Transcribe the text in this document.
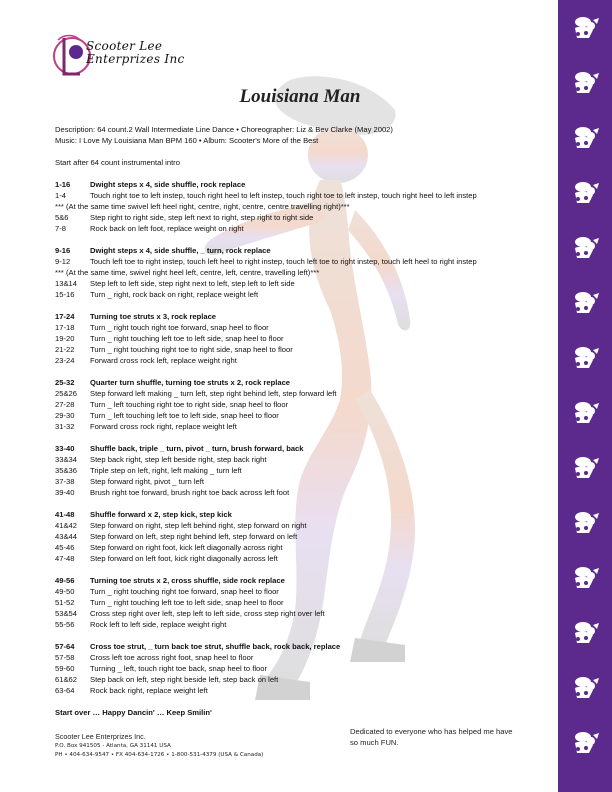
Scooter Lee
Enterprizes Inc
Louisiana Man
Description: 64 count.2 Wall Intermediate Line Dance • Choreographer: Liz & Bev Clarke (May 2002)
Music: I Love My Louisiana Man BPM 160 • Album: Scooter's More of the Best
Start after 64 count instrumental intro
1-16	Dwight steps x 4, side shuffle, rock replace
1-4	Touch right toe to left instep, touch right heel to left instep, touch right toe to left instep, touch right heel to left instep
*** (At the same time swivel left heel right, centre, right, centre, centre travelling right)***
5&6	Step right to right side, step left next to right, step right to right side
7-8	Rock back on left foot, replace weight on right
9-16	Dwight steps x 4, side shuffle, _ turn, rock replace
9-12	Touch left toe to right instep, touch left heel to right instep, touch left toe to right instep, touch left heel to right instep
*** (At the same time, swivel right heel left, centre, left, centre, travelling left)***
13&14	Step left to left side, step right next to left, step left to left side
15-16	Turn _ right, rock back on right, replace weight left
17-24	Turning toe struts x 3, rock replace
17-18	Turn _ right touch right toe forward, snap heel to floor
19-20	Turn _ right touching left toe to left side, snap heel to floor
21-22	Turn _ right touching right toe to right side, snap heel to floor
23-24	Forward cross rock left, replace weight right
25-32	Quarter turn shuffle, turning toe struts x 2, rock replace
25&26	Step forward left making _ turn left, step right behind left, step forward left
27-28	Turn _ left touching right toe to right side, snap heel to floor
29-30	Turn _ left touching left toe to left side, snap heel to floor
31-32	Forward cross rock right, replace weight left
33-40	Shuffle back, triple _ turn, pivot _ turn, brush forward, back
33&34	Step back right, step left beside right, step back right
35&36	Triple step on left, right, left making _ turn left
37-38	Step forward right, pivot _ turn left
39-40	Brush right toe forward, brush right toe back across left foot
41-48	Shuffle forward x 2, step kick, step kick
41&42	Step forward on right, step left behind right, step forward on right
43&44	Step forward on left, step right behind left, step forward on left
45-46	Step forward on right foot, kick left diagonally across right
47-48	Step forward on left foot, kick right diagonally across left
49-56	Turning toe struts x 2, cross shuffle, side rock replace
49-50	Turn _ right touching right toe forward, snap heel to floor
51-52	Turn _ right touching left toe to left side, snap heel to floor
53&54	Cross step right over left, step left to left side, cross step right over left
55-56	Rock left to left side, replace weight right
57-64	Cross toe strut, _ turn back toe strut, shuffle back, rock back, replace
57-58	Cross left toe across right foot, snap heel to floor
59-60	Turning _ left, touch right toe back, snap heel to floor
61&62	Step back on left, step right beside left, step back on left
63-64	Rock back right, replace weight left
Start over … Happy Dancin' … Keep Smilin'
Scooter Lee Enterprizes Inc.
P.O. Box 941505 - Atlanta, GA 31141 USA
PH • 404-634-9547 • FX 404-634-1726 • 1-800-531-4379 (USA & Canada)
Dedicated to everyone who has helped me have so much FUN.
